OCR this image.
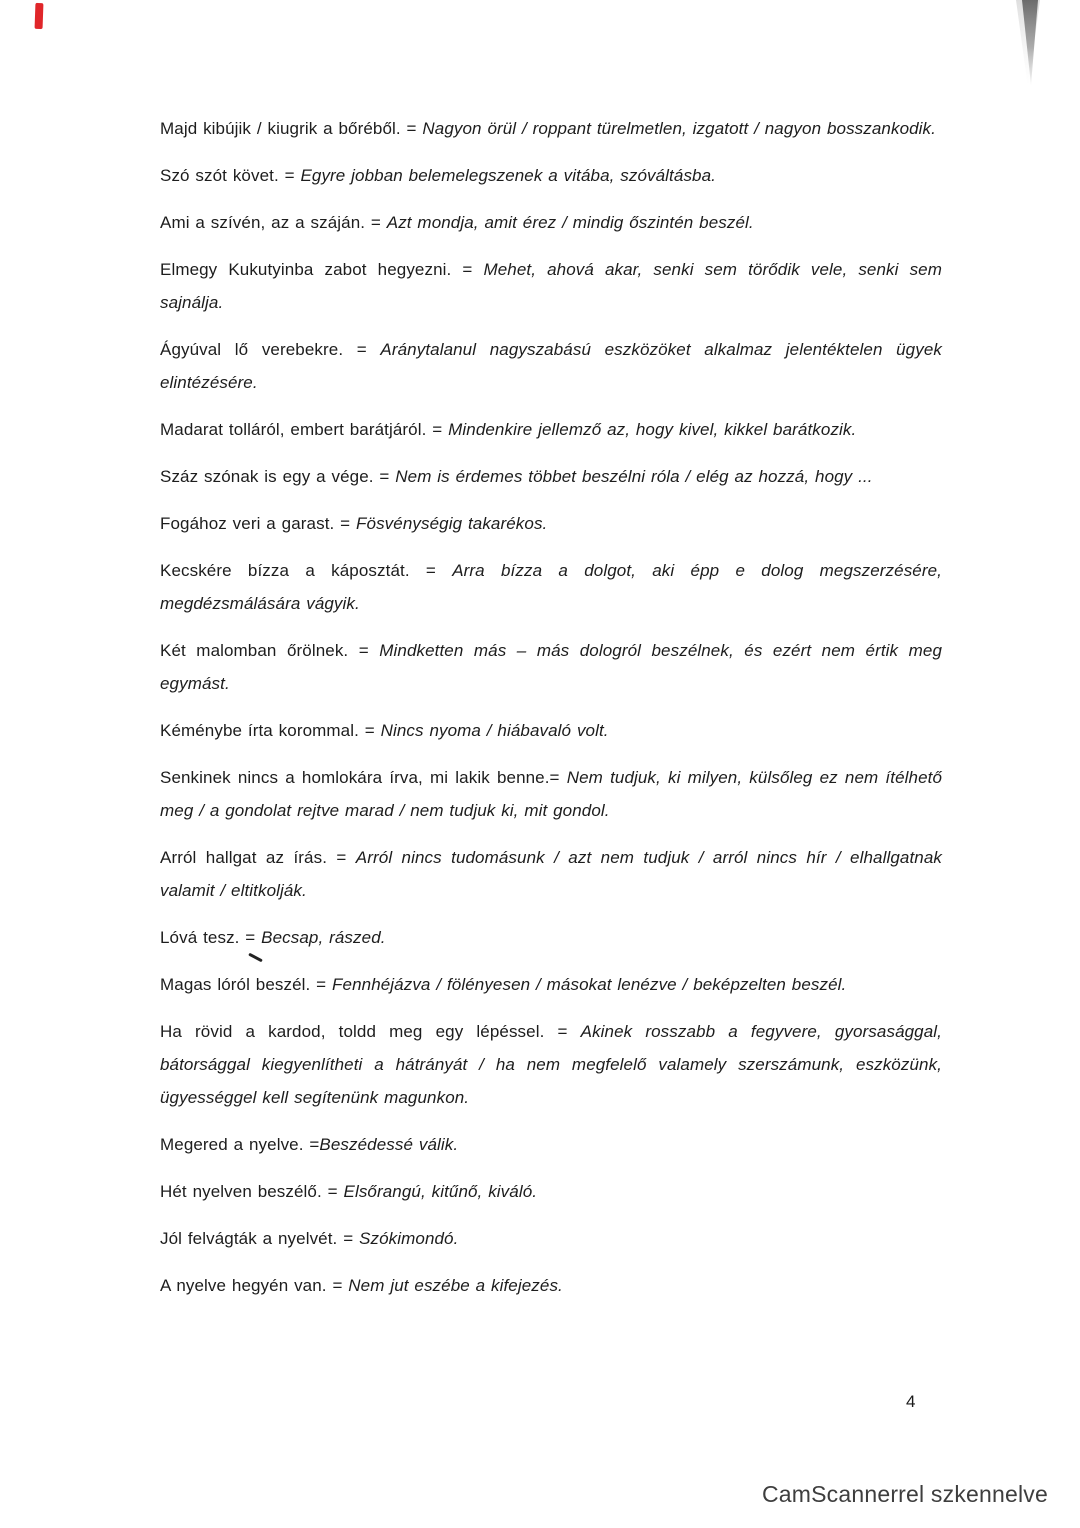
Majd kibújik / kiugrik a bőréből. = Nagyon örül / roppant türelmetlen, izgatott / nagyon bosszankodik.

Szó szót követ. = Egyre jobban belemelegszenek a vitába, szóváltásba.

Ami a szívén, az a száján. = Azt mondja, amit érez / mindig őszintén beszél.

Elmegy Kukutyinba zabot hegyezni. = Mehet, ahová akar, senki sem törődik vele, senki sem sajnálja.

Ágyúval lő verebekre. = Aránytalanul nagyszabású eszközöket alkalmaz jelentéktelen ügyek elintézésére.

Madarat tolláról, embert barátjáról. = Mindenkire jellemző az, hogy kivel, kikkel barátkozik.

Száz szónak is egy a vége. = Nem is érdemes többet beszélni róla / elég az hozzá, hogy ...

Fogához veri a garast. = Fösvénységig takarékos.

Kecskére bízza a káposztát. = Arra bízza a dolgot, aki épp e dolog megszerzésére, megdézsmálására vágyik.

Két malomban őrölnek. = Mindketten más – más dologról beszélnek, és ezért nem értik meg egymást.

Kéménybe írta korommal. = Nincs nyoma / hiábavaló volt.

Senkinek nincs a homlokára írva, mi lakik benne.= Nem tudjuk, ki milyen, külsőleg ez nem ítélhető meg / a gondolat rejtve marad / nem tudjuk ki, mit gondol.

Arról hallgat az írás. = Arról nincs tudomásunk / azt nem tudjuk / arról nincs hír / elhallgatnak valamit / eltitkolják.

Lóvá tesz. = Becsap, rászed.

Magas lóról beszél. = Fennhéjázva / fölényesen / másokat lenézve / beképzelten beszél.

Ha rövid a kardod, toldd meg egy lépéssel. = Akinek rosszabb a fegyvere, gyorsasággal, bátorsággal kiegyenlítheti a hátrányát / ha nem megfelelő valamely szerszámunk, eszközünk, ügyességgel kell segítenünk magunkon.

Megered a nyelve. =Beszédessé válik.

Hét nyelven beszélő. = Elsőrangú, kitűnő, kiváló.

Jól felvágták a nyelvét. = Szókimondó.

A nyelve hegyén van. = Nem jut eszébe a kifejezés.

4
CamScannerrel szkennelve
